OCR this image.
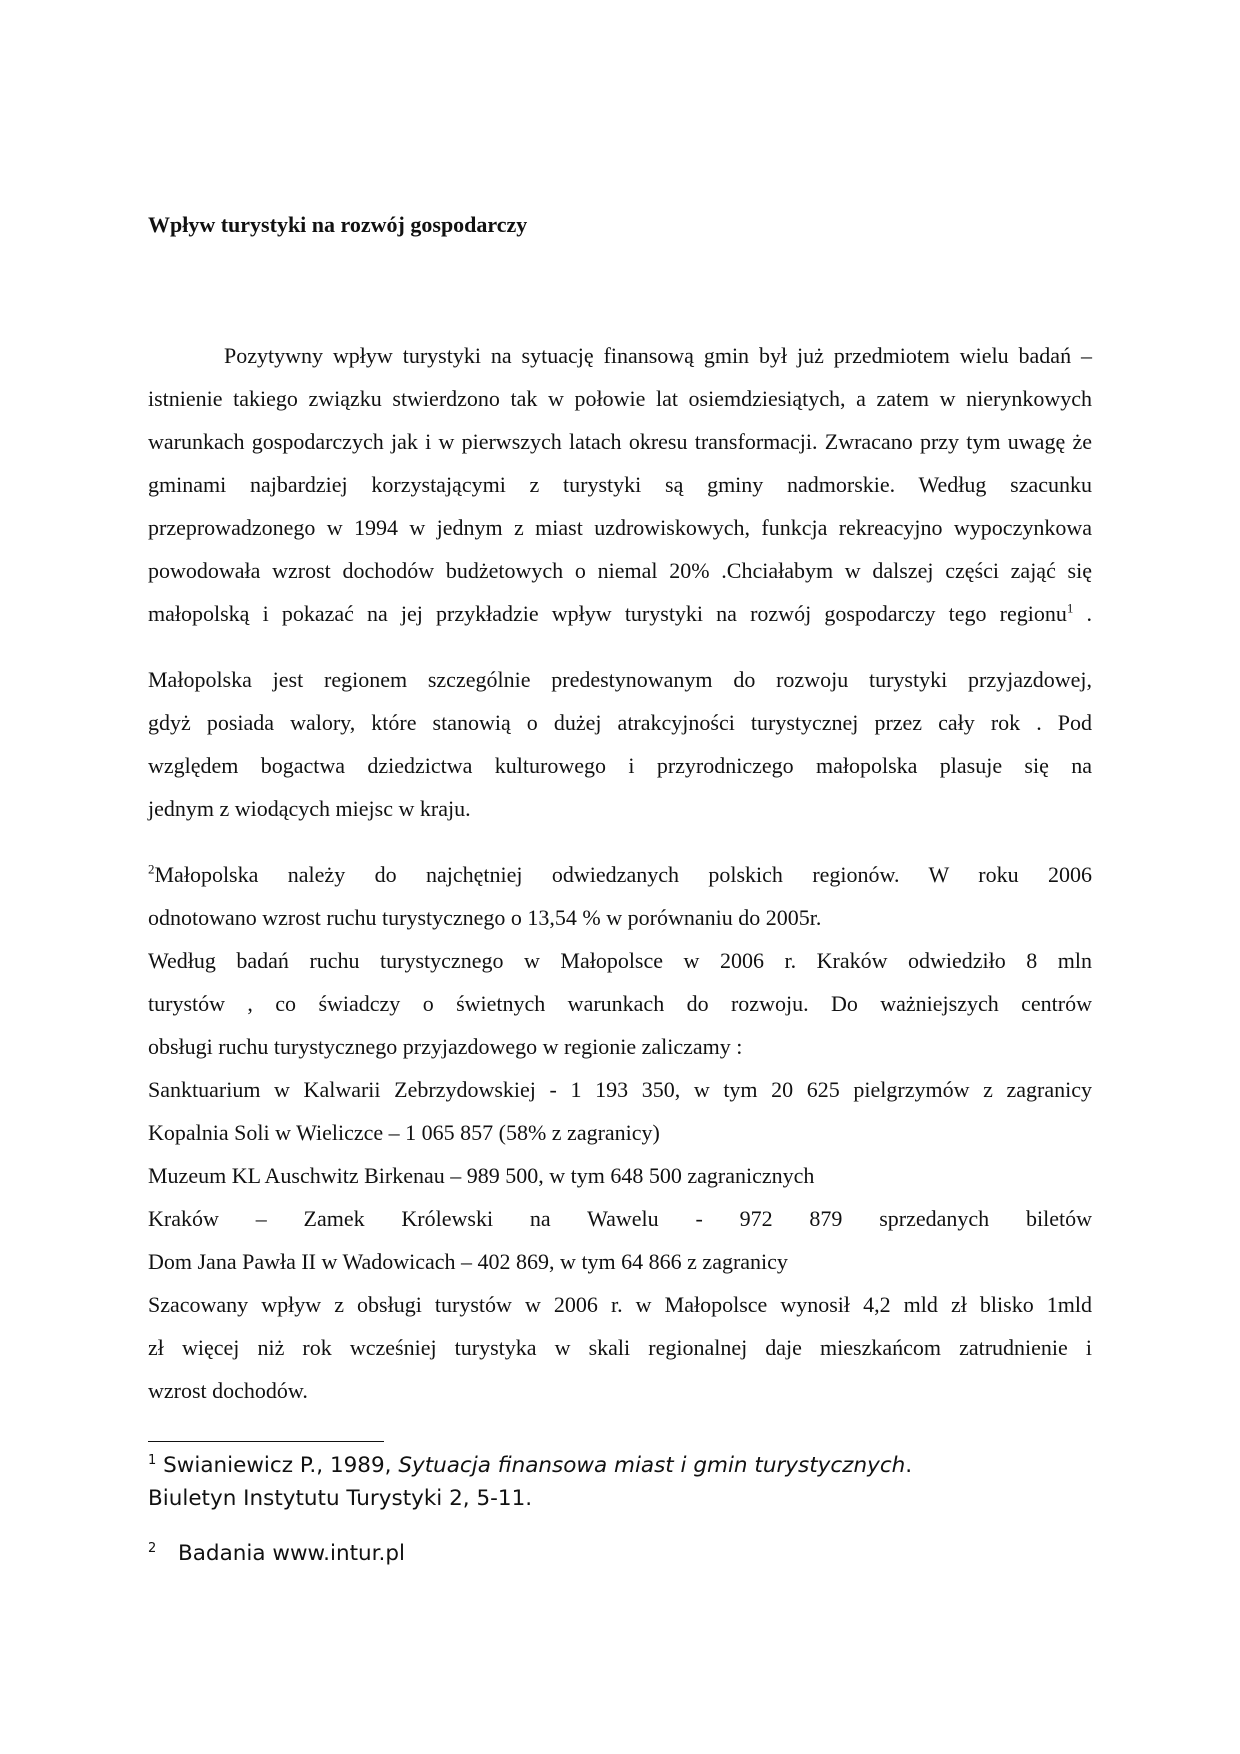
Wpływ turystyki na rozwój gospodarczy

Pozytywny wpływ turystyki na sytuację finansową gmin był już przedmiotem wielu badań – istnienie takiego związku stwierdzono tak w połowie lat osiemdziesiątych, a zatem w nierynkowych warunkach gospodarczych jak i w pierwszych latach okresu transformacji. Zwracano przy tym uwagę że gminami najbardziej korzystającymi z turystyki są gminy nadmorskie. Według szacunku przeprowadzonego w 1994 w jednym z miast uzdrowiskowych, funkcja rekreacyjno wypoczynkowa powodowała wzrost dochodów budżetowych o niemal 20% .Chciałabym w dalszej części zająć się małopolską i pokazać na jej przykładzie wpływ turystyki na rozwój gospodarczy tego regionu$^1$ .

Małopolska jest regionem szczególnie predestynowanym do rozwoju turystyki przyjazdowej,
gdyż posiada walory, które stanowią o dużej atrakcyjności turystycznej przez cały rok . Pod
względem bogactwa dziedzictwa kulturowego i przyrodniczego małopolska plasuje się na
jednym z wiodących miejsc w kraju.
$^2$Małopolska należy do najchętniej odwiedzanych polskich regionów. W roku 2006
odnotowano wzrost ruchu turystycznego o 13,54 % w porównaniu do 2005r.
Według badań ruchu turystycznego w Małopolsce w 2006 r. Kraków odwiedziło 8 mln
turystów , co świadczy o świetnych warunkach do rozwoju. Do ważniejszych centrów
obsługi ruchu turystycznego przyjazdowego w regionie zaliczamy :
Sanktuarium w Kalwarii Zebrzydowskiej - 1 193 350, w tym 20 625 pielgrzymów z zagranicy
Kopalnia Soli w Wieliczce – 1 065 857 (58% z zagranicy)
Muzeum KL Auschwitz Birkenau – 989 500, w tym 648 500 zagranicznych
Kraków – Zamek Królewski na Wawelu - 972 879 sprzedanych biletów
Dom Jana Pawła II w Wadowicach – 402 869, w tym 64 866 z zagranicy
Szacowany wpływ z obsługi turystów w 2006 r. w Małopolsce wynosił 4,2 mld zł blisko 1mld
zł więcej niż rok wcześniej turystyka w skali regionalnej daje mieszkańcom zatrudnienie i
wzrost dochodów.

$^1$ Swianiewicz P., 1989, Sytuacja finansowa miast i gmin turystycznych.
Biuletyn Instytutu Turystyki 2, 5-11.

$^2$ Badania www.intur.pl
